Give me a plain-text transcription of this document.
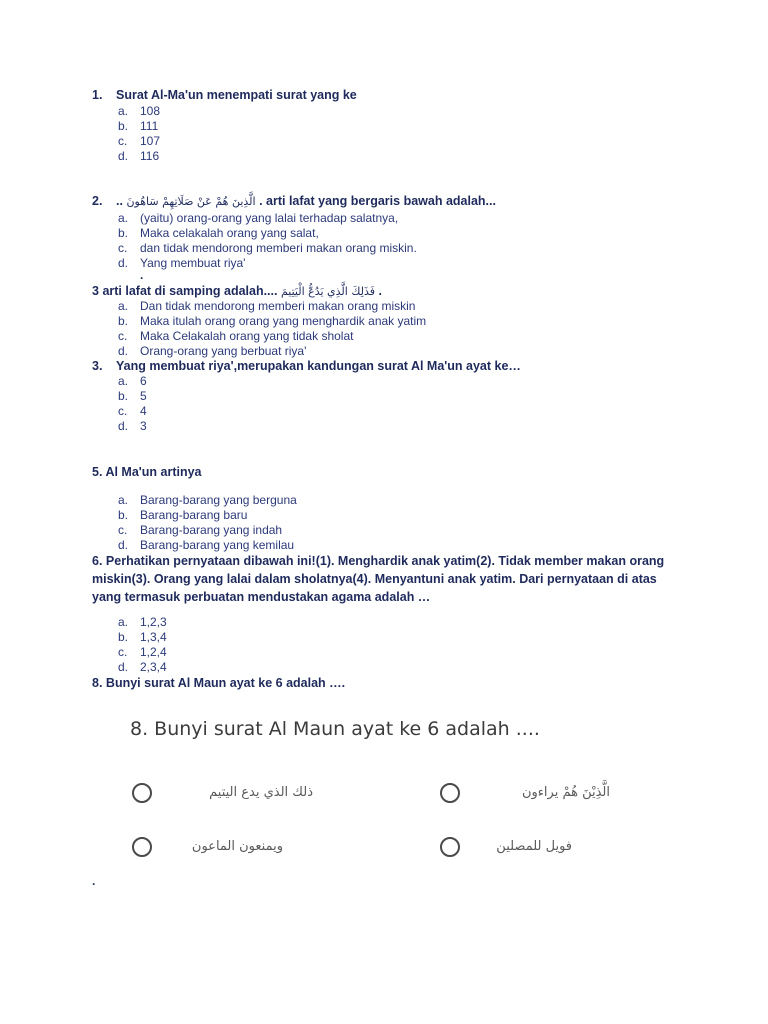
1. Surat Al-Ma'un menempati surat yang ke
a. 108
b. 111
c. 107
d. 116
2. .. الَّذِينَ هُمْ عَنْ صَلَاتِهِمْ سَاهُونَ . arti lafat yang bergaris bawah adalah...
a. (yaitu) orang-orang yang lalai terhadap salatnya,
b. Maka celakalah orang yang salat,
c. dan tidak mendorong memberi makan orang miskin.
d. Yang membuat riya'
.
3 arti lafat di samping adalah.... فَذَلِكَ الَّذِي يَدُعُّ الْيَتِيمَ .
a. Dan tidak mendorong memberi makan orang miskin
b. Maka itulah orang orang yang menghardik anak yatim
c. Maka Celakalah orang yang tidak sholat
d. Orang-orang yang berbuat riya'
3. Yang membuat riya',merupakan kandungan surat Al Ma'un ayat ke…
a. 6
b. 5
c. 4
d. 3
5. Al Ma'un artinya
a. Barang-barang yang berguna
b. Barang-barang baru
c. Barang-barang yang indah
d. Barang-barang yang kemilau
6. Perhatikan pernyataan dibawah ini!(1). Menghardik anak yatim(2). Tidak member makan orang miskin(3). Orang yang lalai dalam sholatnya(4). Menyantuni anak yatim. Dari pernyataan di atas yang termasuk perbuatan mendustakan agama adalah …
a. 1,2,3
b. 1,3,4
c. 1,2,4
d. 2,3,4
8. Bunyi surat Al Maun ayat ke 6 adalah ….
8. Bunyi surat Al Maun ayat ke 6 adalah ....
ذلك الذي يدع اليتيم	الَّذِيْنَ هُمْ يراءون
ويمنعون الماعون	فويل للمصلين
.
